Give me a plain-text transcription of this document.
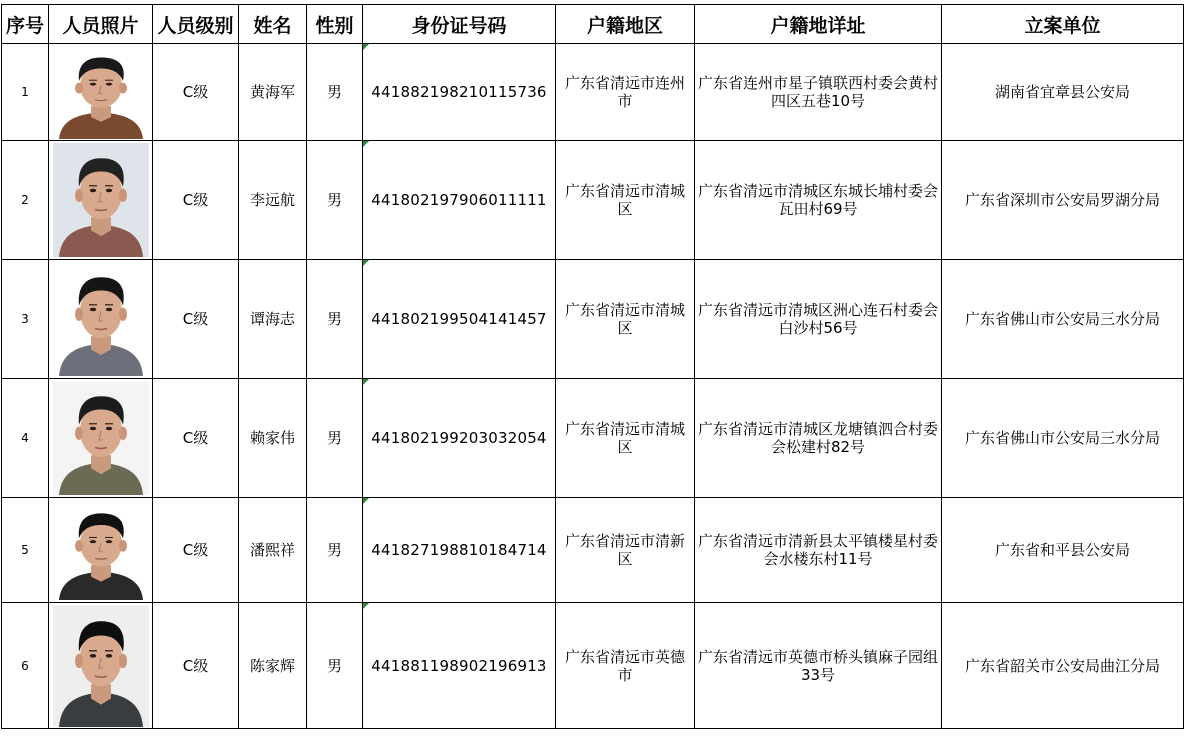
序号	人员照片	人员级别	姓名	性别	身份证号码	户籍地区	户籍地详址	立案单位
1		C级	黄海军	男	441882198210115736	广东省清远市连州市	广东省连州市星子镇联西村委会黄村四区五巷10号	湖南省宜章县公安局
2		C级	李远航	男	441802197906011111	广东省清远市清城区	广东省清远市清城区东城长埔村委会瓦田村69号	广东省深圳市公安局罗湖分局
3		C级	谭海志	男	441802199504141457	广东省清远市清城区	广东省清远市清城区洲心连石村委会白沙村56号	广东省佛山市公安局三水分局
4		C级	赖家伟	男	441802199203032054	广东省清远市清城区	广东省清远市清城区龙塘镇泗合村委会松建村82号	广东省佛山市公安局三水分局
5		C级	潘熙祥	男	441827198810184714	广东省清远市清新区	广东省清远市清新县太平镇楼星村委会水楼东村11号	广东省和平县公安局
6		C级	陈家辉	男	441881198902196913	广东省清远市英德市	广东省清远市英德市桥头镇麻子园组33号	广东省韶关市公安局曲江分局
